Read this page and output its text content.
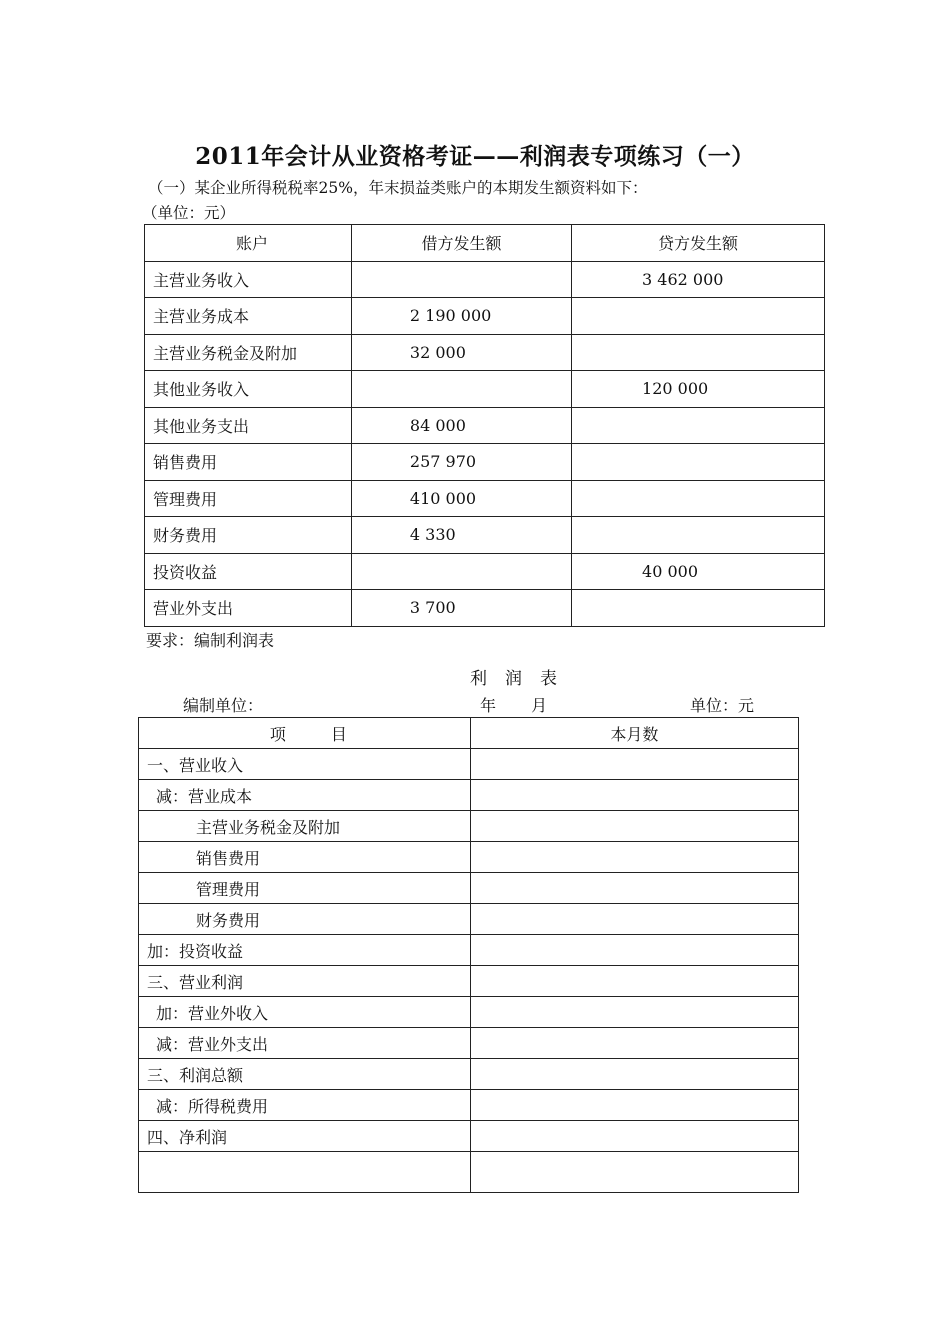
2011年会计从业资格考证——利润表专项练习（一）
（一）某企业所得税税率25%，年末损益类账户的本期发生额资料如下：
（单位：元）
账户	借方发生额	贷方发生额
主营业务收入		3 462 000
主营业务成本	2 190 000	
主营业务税金及附加	32 000	
其他业务收入		120 000
其他业务支出	84 000	
销售费用	257 970	
管理费用	410 000	
财务费用	4 330	
投资收益		40 000
营业外支出	3 700	
要求：编制利润表
利润表
编制单位：	年 月	单位：元
项 目	本月数
一、营业收入	
减：营业成本	
主营业务税金及附加	
销售费用	
管理费用	
财务费用	
加：投资收益	
三、营业利润	
加：营业外收入	
减：营业外支出	
三、利润总额	
减：所得税费用	
四、净利润	
